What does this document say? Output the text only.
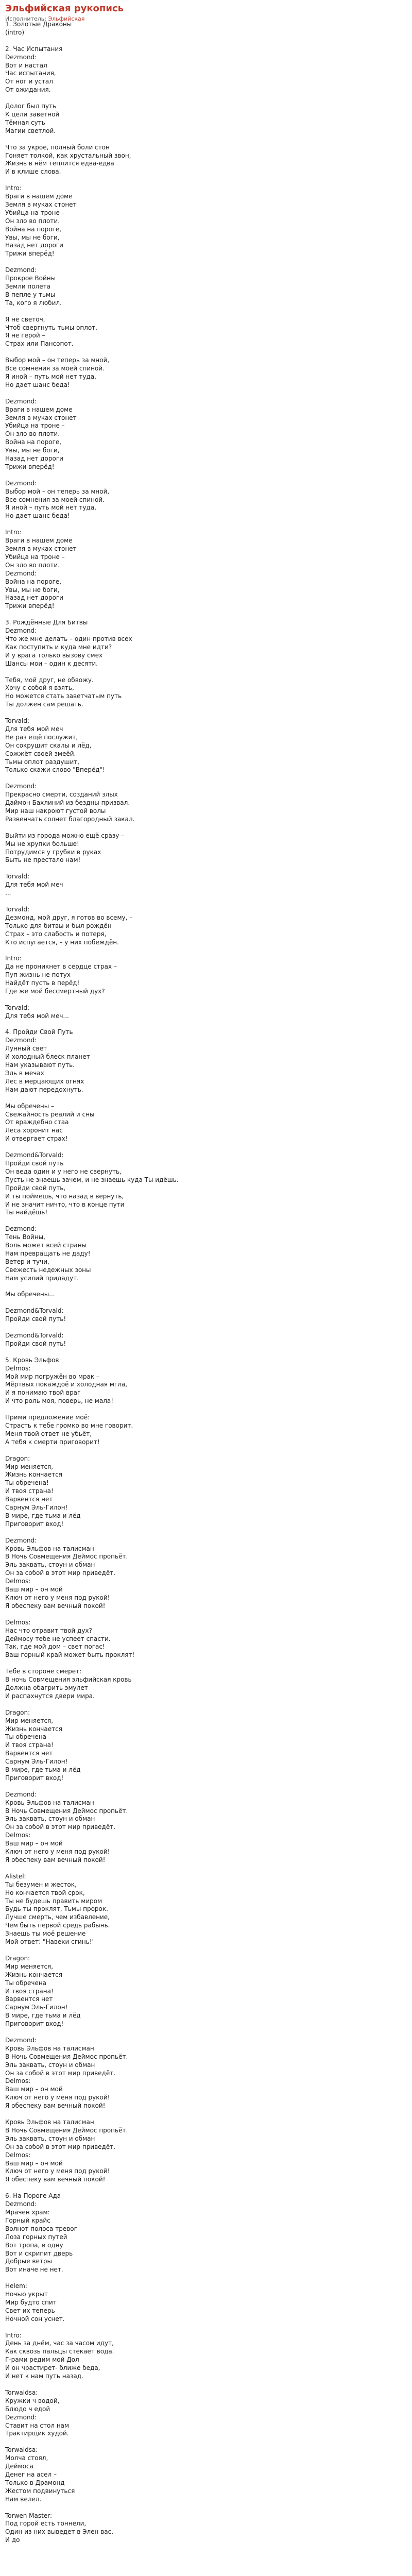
Эльфийская рукопись
Исполнитель: Эльфийская
1. Золотые Драконы
(intro)

2. Час Испытания
Dezmond:
Вот и настал
Час испытания,
От ног и устал
От ожидания.

Долог был путь
К цели заветной
Тёмная суть
Магии светлой.

Что за укрое, полный боли стон
Гоняет толкой, как хрустальный звон,
Жизнь в нём теплится едва-едва
И в клише слова.

Intro:
Враги в нашем доме
Земля в муках стонет
Убийца на троне –
Он зло во плоти.
Война на пороге,
Увы, мы не боги,
Назад нет дороги
Трижи вперёд!

Dezmond:
Прокрое Войны
Земли полета
В пепле у тьмы
Та, кого я любил.

Я не светоч,
Чтоб свергнуть тьмы оплот,
Я не герой –
Страх или Пансопот.

Выбор мой – он теперь за мной,
Все сомнения за моей спиной.
Я иной – путь мой нет туда,
Но дает шанс беда!

Dezmond:
Враги в нашем доме
Земля в муках стонет
Убийца на троне –
Он зло во плоти.
Война на пороге,
Увы, мы не боги,
Назад нет дороги
Трижи вперёд!

Dezmond:
Выбор мой – он теперь за мной,
Все сомнения за моей спиной.
Я иной – путь мой нет туда,
Но дает шанс беда!

Intro:
Враги в нашем доме
Земля в муках стонет
Убийца на троне –
Он зло во плоти.
Dezmond:
Война на пороге,
Увы, мы не боги,
Назад нет дороги
Трижи вперёд!

3. Рождённые Для Битвы
Dezmond:
Что же мне делать – один против всех
Как поступить и куда мне идти?
И у врага только вызову смех
Шансы мои – один к десяти.

Тебя, мой друг, не обвожу.
Хочу с собой я взять,
Но можется стать заветчатым путь
Ты должен сам решать.

Torvald:
Для тебя мой меч
Не раз ещё послужит,
Он сокрушит скалы и лёд,
Сожжёт своей змеёй.
Тьмы оплот раздушит,
Только скажи слово "Вперёд"!

Dezmond:
Прекрасно смерти, созданий злых
Даймон Бахлиний из бездны призвал.
Мир наш накроют густой волы
Развенчать солнет благородный закал.

Выйти из города можно ещё сразу –
Мы не хрупки больше!
Потрудимся у грубки в руках
Быть не престало нам!

Torvald:
Для тебя мой меч
...

Torvald:
Дезмонд, мой друг, я готов во всему, –
Только для битвы и был рождён
Страх – это слабость и потеря,
Кто испугается, – у них побеждён.

Intro:
Да не проникнет в сердце страх –
Пуп жизнь не потух
Найдёт пусть в перёд!
Где же мой бессмертный дух?

Torvald:
Для тебя мой меч...

4. Пройди Свой Путь
Dezmond:
Лунный свет
И холодный блеск планет
Нам указывают путь.
Эль в мечах
Лес в мерцающих огнях
Нам дают передохнуть.

Мы обречены –
Свежайность реалий и сны
От враждебно стаа
Леса хоронит нас
И отвергает страх!

Dezmond&Torvald:
Пройди свой путь
Он веда один и у него не свернуть,
Пусть не знаешь зачем, и не знаешь куда Ты идёшь.
Пройди свой путь,
И ты поймешь, что назад в вернуть,
И не значит ничто, что в конце пути
Ты найдёшь!

Dezmond:
Тень Войны,
Воль может всей страны
Нам превращать не даду!
Ветер и тучи,
Свежесть недежных зоны
Нам усилий придадут.

Мы обречены...

Dezmond&Torvald:
Пройди свой путь!

Dezmond&Torvald:
Пройди свой путь!

5. Кровь Эльфов
Delmos:
Мой мир погружён во мрак –
Мёртвых покаждоё и холодная мгла,
И я понимаю твой враг
И что роль моя, поверь, не мала!

Прими предложение моё:
Страсть к тебе громко во мне говорит.
Меня твой ответ не убьёт,
А тебя к смерти приговорит!

Dragon:
Мир меняется,
Жизнь кончается
Ты обречена!
И твоя страна!
Варвентся нет
Сарнум Эль-Гилон!
В мире, где тьма и лёд
Приговорит вход!

Dezmond:
Кровь Эльфов на талисман
В Ночь Совмещения Деймос пропьёт.
Эль заквать, стоун и обман
Он за собой в этот мир приведёт.
Delmos:
Ваш мир – он мой
Ключ от него у меня под рукой!
Я обеспеку вам вечный покой!

Delmos:
Нас что отравит твой дух?
Деймосу тебе не успеет спасти.
Так, где мой дом – свет погас!
Ваш горный край может быть проклят!

Тебе в стороне смерет:
В ночь Совмещения эльфийская кровь
Должна обагрить эмулет
И распахнутся двери мира.

Dragon:
Мир меняется,
Жизнь кончается
Ты обречена
И твоя страна!
Варвентся нет
Сарнум Эль-Гилон!
В мире, где тьма и лёд
Приговорит вход!

Dezmond:
Кровь Эльфов на талисман
В Ночь Совмещения Деймос пропьёт.
Эль заквать, стоун и обман
Он за собой в этот мир приведёт.
Delmos:
Ваш мир – он мой
Ключ от него у меня под рукой!
Я обеспеку вам вечный покой!

Alistel:
Ты безумен и жесток,
Но кончается твой срок,
Ты не будешь править миром
Будь ты проклят, Тьмы пророк.
Лучше смерть, чем избавление,
Чем быть первой средь рабынь.
Знаешь ты моё решение
Мой ответ: "Навеки сгинь!"

Dragon:
Мир меняется,
Жизнь кончается
Ты обречена
И твоя страна!
Варвентся нет
Сарнум Эль-Гилон!
В мире, где тьма и лёд
Приговорит вход!

Dezmond:
Кровь Эльфов на талисман
В Ночь Совмещения Деймос пропьёт.
Эль заквать, стоун и обман
Он за собой в этот мир приведёт.
Delmos:
Ваш мир – он мой
Ключ от него у меня под рукой!
Я обеспеку вам вечный покой!

Кровь Эльфов на талисман
В Ночь Совмещения Деймос пропьёт.
Эль заквать, стоун и обман
Он за собой в этот мир приведёт.
Delmos:
Ваш мир – он мой
Ключ от него у меня под рукой!
Я обеспеку вам вечный покой!

6. На Пороге Ада
Dezmond:
Мрачен храм:
Горный крайс
Волнот полоса тревог
Лоза горных путей
Вот тропа, в одну
Вот и скрипит дверь
Добрые ветры
Вот иначе не нет.

Helem:
Ночью укрыт
Мир будто спит
Свет их теперь
Ночной сон уснет.

Intro:
День за днём, час за часом идут,
Как сквозь пальцы стекает вода.
Г-рами редим мой Дол
И он чрастирет- ближе беда,
И нет к нам путь назад.

Torwaldsa:
Кружки ч водой,
Блюдо ч едой
Dezmond:
Ставит на стол нам
Трактирщик худой.

Torwaldsa:
Молча стоял,
Деймоса
Денег на асел –
Только в Драмонд
Жестом подвинуться
Нам велел.

Torwen Master:
Под горой есть тоннели,
Один из них выведет в Элен вас,
И до
